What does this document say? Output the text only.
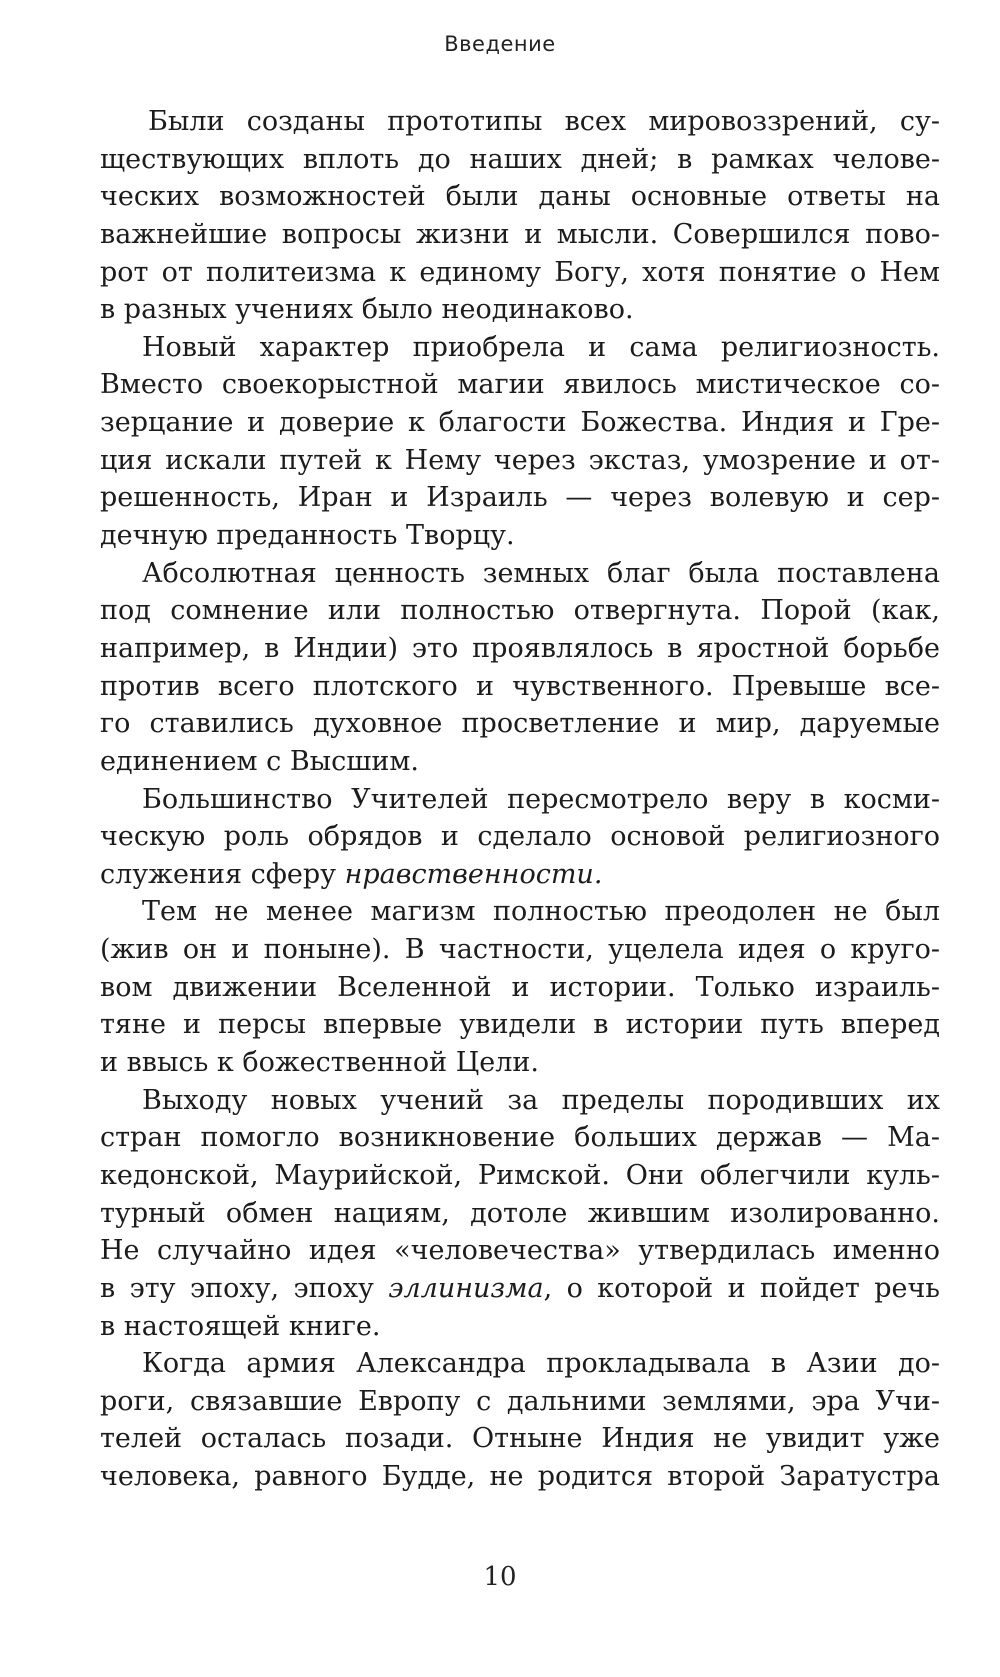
Введение
Были созданы прототипы всех мировоззрений, су-
ществующих вплоть до наших дней; в рамках челове-
ческих возможностей были даны основные ответы на
важнейшие вопросы жизни и мысли. Совершился пово-
рот от политеизма к единому Богу, хотя понятие о Нем
в разных учениях было неодинаково.
Новый характер приобрела и сама религиозность.
Вместо своекорыстной магии явилось мистическое со-
зерцание и доверие к благости Божества. Индия и Гре-
ция искали путей к Нему через экстаз, умозрение и от-
решенность, Иран и Израиль — через волевую и сер-
дечную преданность Творцу.
Абсолютная ценность земных благ была поставлена
под сомнение или полностью отвергнута. Порой (как,
например, в Индии) это проявлялось в яростной борьбе
против всего плотского и чувственного. Превыше все-
го ставились духовное просветление и мир, даруемые
единением с Высшим.
Большинство Учителей пересмотрело веру в косми-
ческую роль обрядов и сделало основой религиозного
служения сферу нравственности.
Тем не менее магизм полностью преодолен не был
(жив он и поныне). В частности, уцелела идея о круго-
вом движении Вселенной и истории. Только израиль-
тяне и персы впервые увидели в истории путь вперед
и ввысь к божественной Цели.
Выходу новых учений за пределы породивших их
стран помогло возникновение больших держав — Ма-
кедонской, Маурийской, Римской. Они облегчили куль-
турный обмен нациям, дотоле жившим изолированно.
Не случайно идея «человечества» утвердилась именно
в эту эпоху, эпоху эллинизма, о которой и пойдет речь
в настоящей книге.
Когда армия Александра прокладывала в Азии до-
роги, связавшие Европу с дальними землями, эра Учи-
телей осталась позади. Отныне Индия не увидит уже
человека, равного Будде, не родится второй Заратустра
10
